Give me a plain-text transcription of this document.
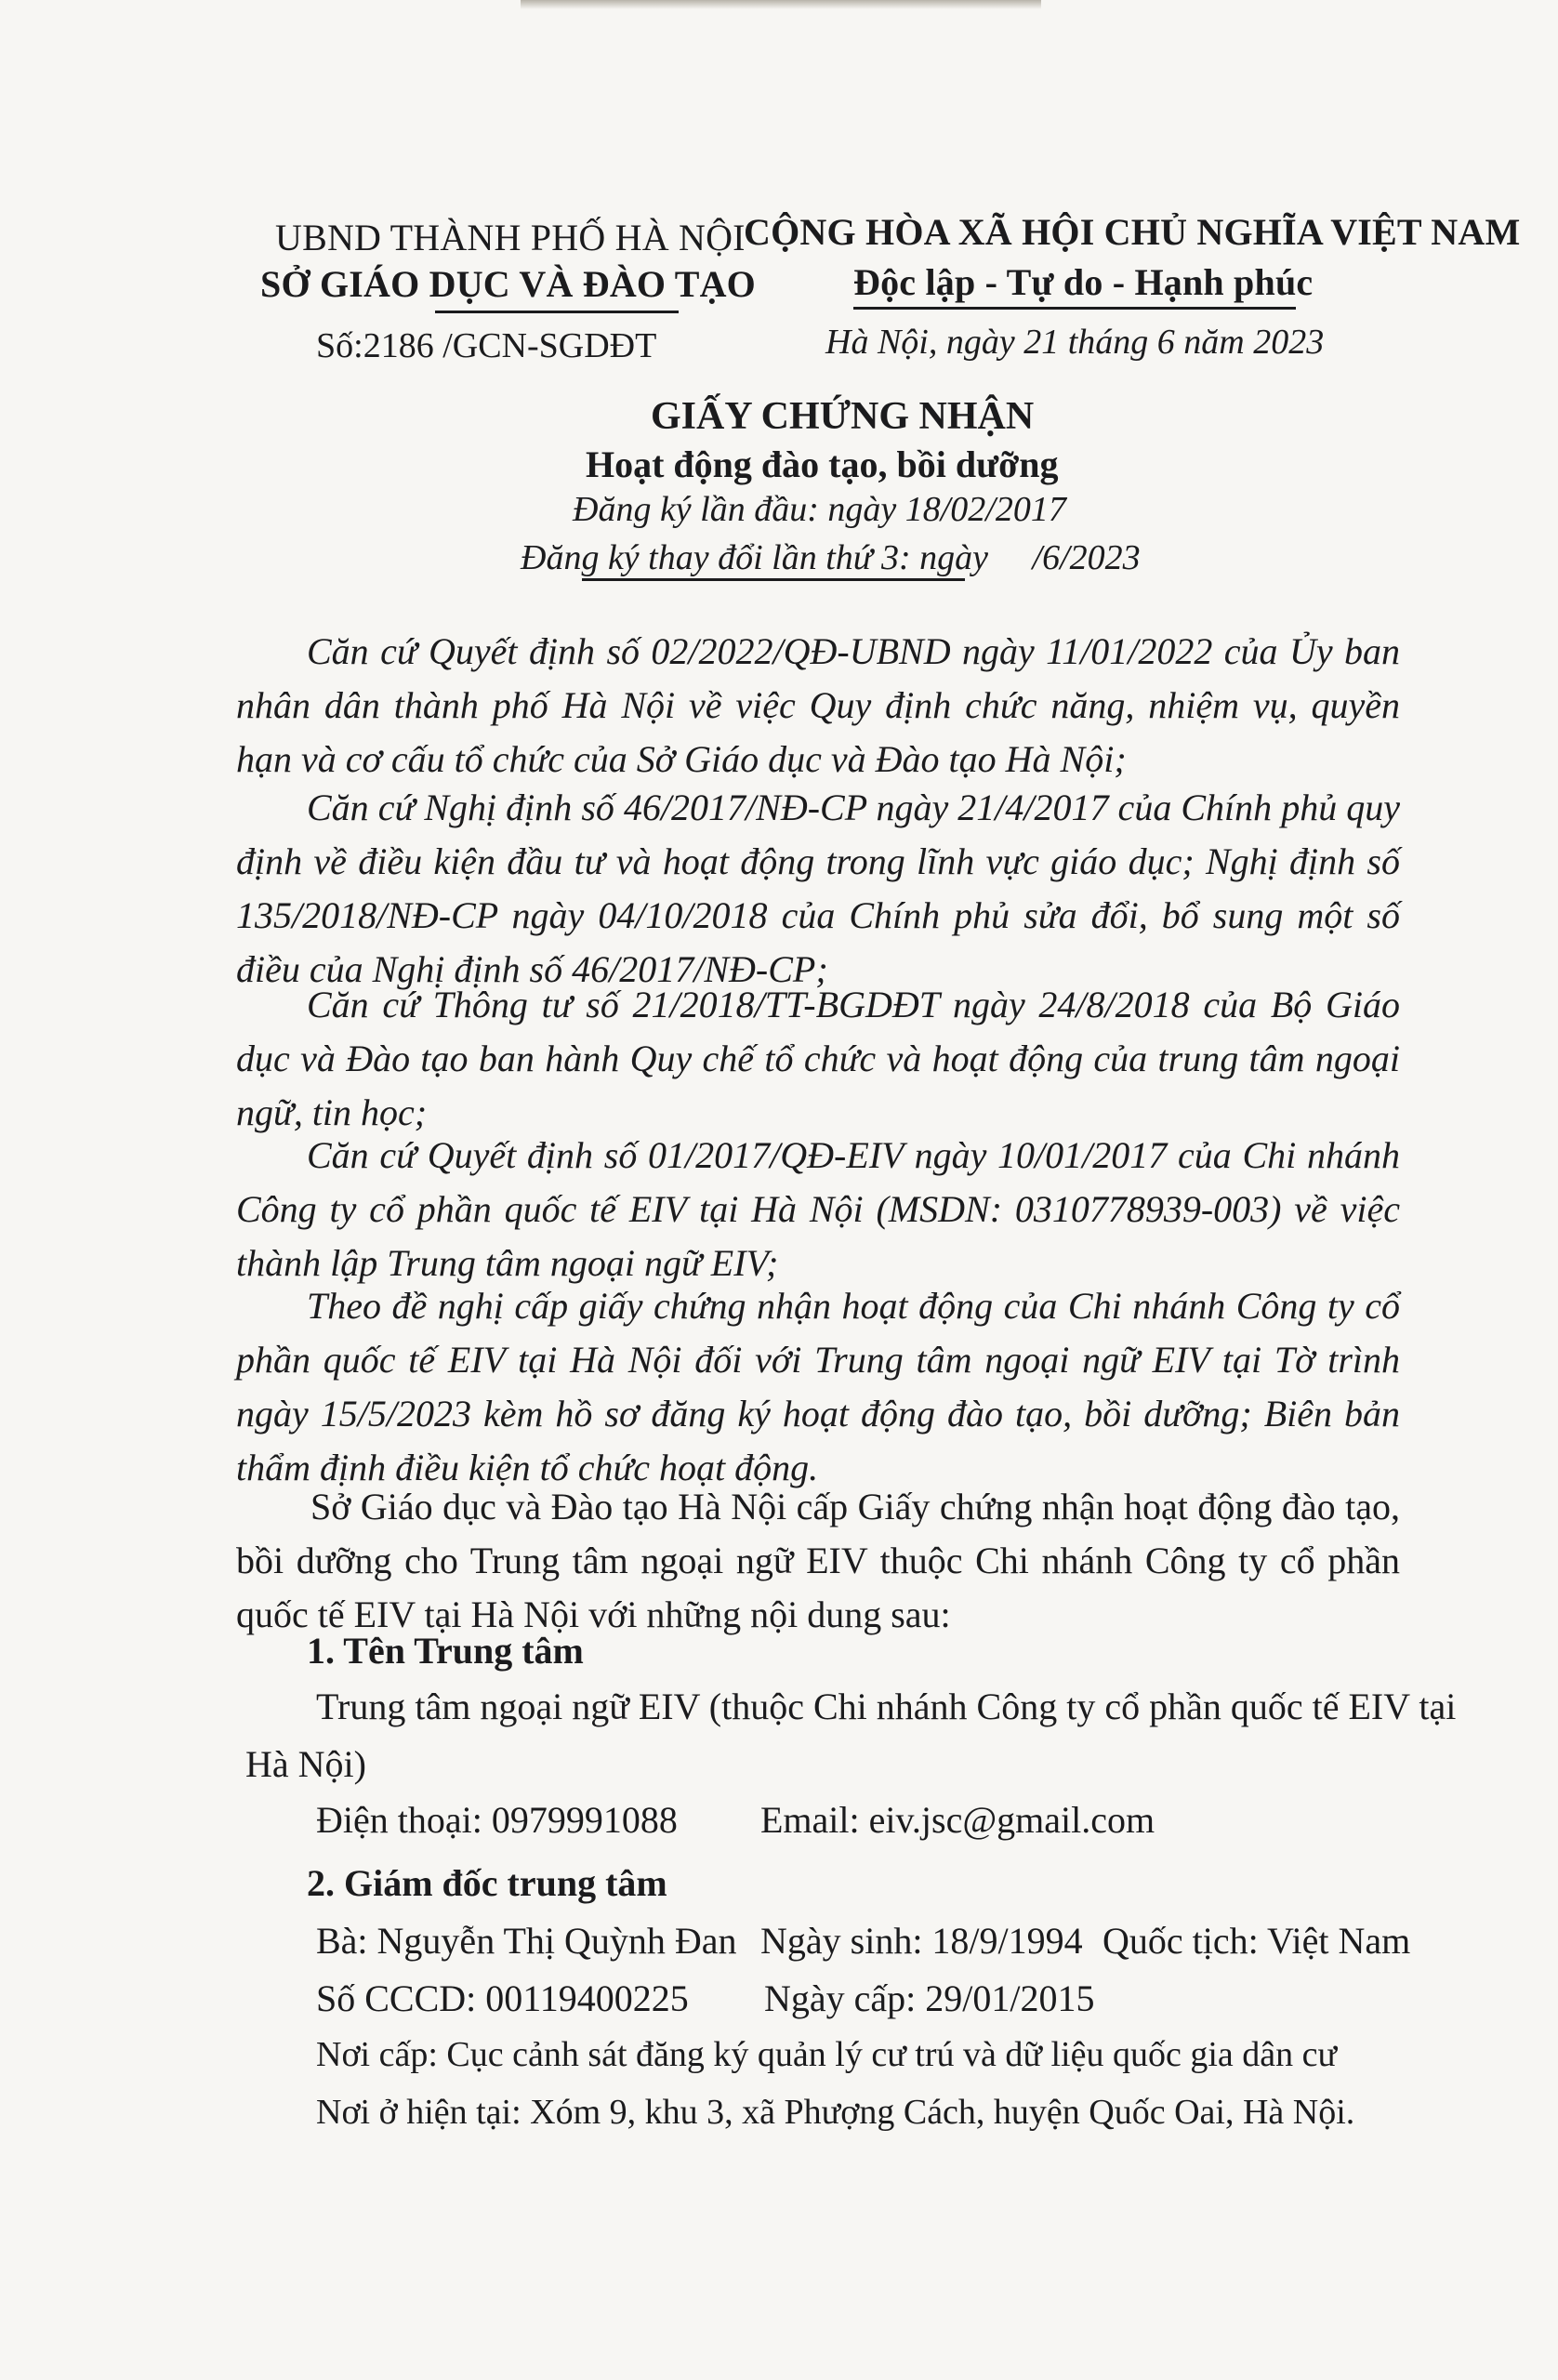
UBND THÀNH PHỐ HÀ NỘI
SỞ GIÁO DỤC VÀ ĐÀO TẠO
Số:2186 /GCN-SGDĐT
CỘNG HÒA XÃ HỘI CHỦ NGHĨA VIỆT NAM
Độc lập - Tự do - Hạnh phúc
Hà Nội, ngày 21 tháng 6 năm 2023
GIẤY CHỨNG NHẬN
Hoạt động đào tạo, bồi dưỡng
Đăng ký lần đầu: ngày 18/02/2017
Đăng ký thay đổi lần thứ 3: ngày     /6/2023

Căn cứ Quyết định số 02/2022/QĐ-UBND ngày 11/01/2022 của Ủy ban nhân dân thành phố Hà Nội về việc Quy định chức năng, nhiệm vụ, quyền hạn và cơ cấu tổ chức của Sở Giáo dục và Đào tạo Hà Nội;

Căn cứ Nghị định số 46/2017/NĐ-CP ngày 21/4/2017 của Chính phủ quy định về điều kiện đầu tư và hoạt động trong lĩnh vực giáo dục; Nghị định số 135/2018/NĐ-CP ngày 04/10/2018 của Chính phủ sửa đổi, bổ sung một số điều của Nghị định số 46/2017/NĐ-CP;

Căn cứ Thông tư số 21/2018/TT-BGDĐT ngày 24/8/2018 của Bộ Giáo dục và Đào tạo ban hành Quy chế tổ chức và hoạt động của trung tâm ngoại ngữ, tin học;

Căn cứ Quyết định số 01/2017/QĐ-EIV ngày 10/01/2017 của Chi nhánh Công ty cổ phần quốc tế EIV tại Hà Nội (MSDN: 0310778939-003) về việc thành lập Trung tâm ngoại ngữ EIV;

Theo đề nghị cấp giấy chứng nhận hoạt động của Chi nhánh Công ty cổ phần quốc tế EIV tại Hà Nội đối với Trung tâm ngoại ngữ EIV tại Tờ trình ngày 15/5/2023 kèm hồ sơ đăng ký hoạt động đào tạo, bồi dưỡng; Biên bản thẩm định điều kiện tổ chức hoạt động.

Sở Giáo dục và Đào tạo Hà Nội cấp Giấy chứng nhận hoạt động đào tạo, bồi dưỡng cho Trung tâm ngoại ngữ EIV thuộc Chi nhánh Công ty cổ phần quốc tế EIV tại Hà Nội với những nội dung sau:

1. Tên Trung tâm
Trung tâm ngoại ngữ EIV (thuộc Chi nhánh Công ty cổ phần quốc tế EIV tại
Hà Nội)
Điện thoại: 0979991088 Email: eiv.jsc@gmail.com
2. Giám đốc trung tâm
Bà: Nguyễn Thị Quỳnh Đan Ngày sinh: 18/9/1994 Quốc tịch: Việt Nam
Số CCCD: 00119400225 Ngày cấp: 29/01/2015
Nơi cấp: Cục cảnh sát đăng ký quản lý cư trú và dữ liệu quốc gia dân cư
Nơi ở hiện tại: Xóm 9, khu 3, xã Phượng Cách, huyện Quốc Oai, Hà Nội.
